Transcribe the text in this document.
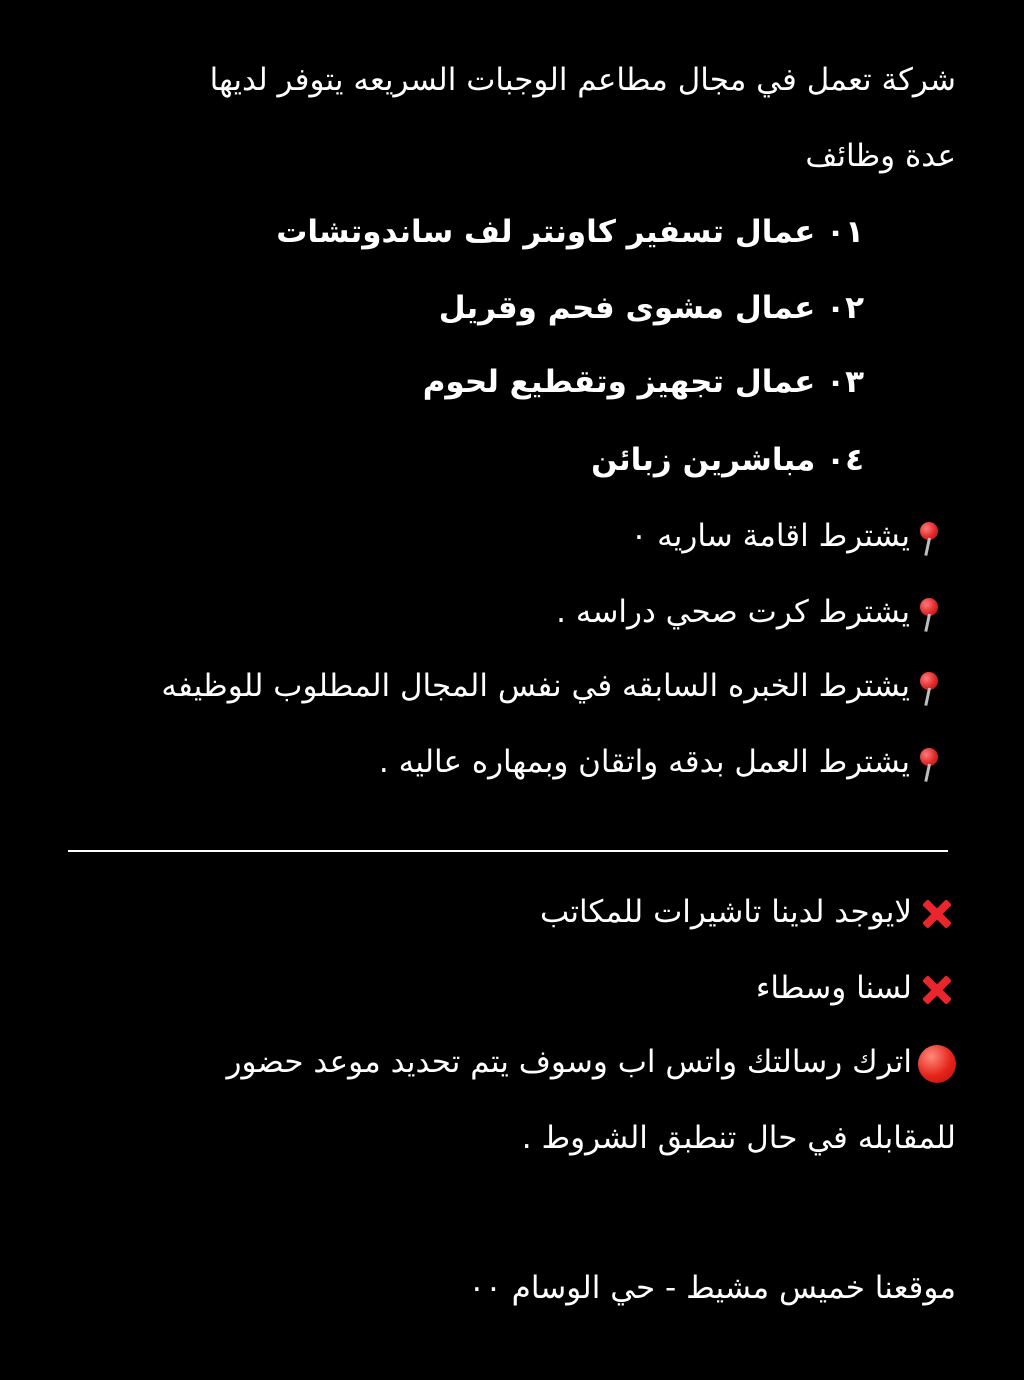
شركة تعمل في مجال مطاعم الوجبات السريعه يتوفر لديها
عدة وظائف
٠١ عمال تسفير كاونتر لف ساندوتشات
٠٢ عمال مشوى فحم وقريل
٠٣ عمال تجهيز وتقطيع لحوم
٠٤ مباشرين زبائن
يشترط اقامة ساريه ٠
يشترط كرت صحي دراسه .
يشترط الخبره السابقه في نفس المجال المطلوب للوظيفه
يشترط العمل بدقه واتقان وبمهاره عاليه .
لايوجد لدينا تاشيرات للمكاتب
لسنا وسطاء
اترك رسالتك واتس اب وسوف يتم تحديد موعد حضور
للمقابله في حال تنطبق الشروط .
موقعنا خميس مشيط - حي الوسام ٠٠
